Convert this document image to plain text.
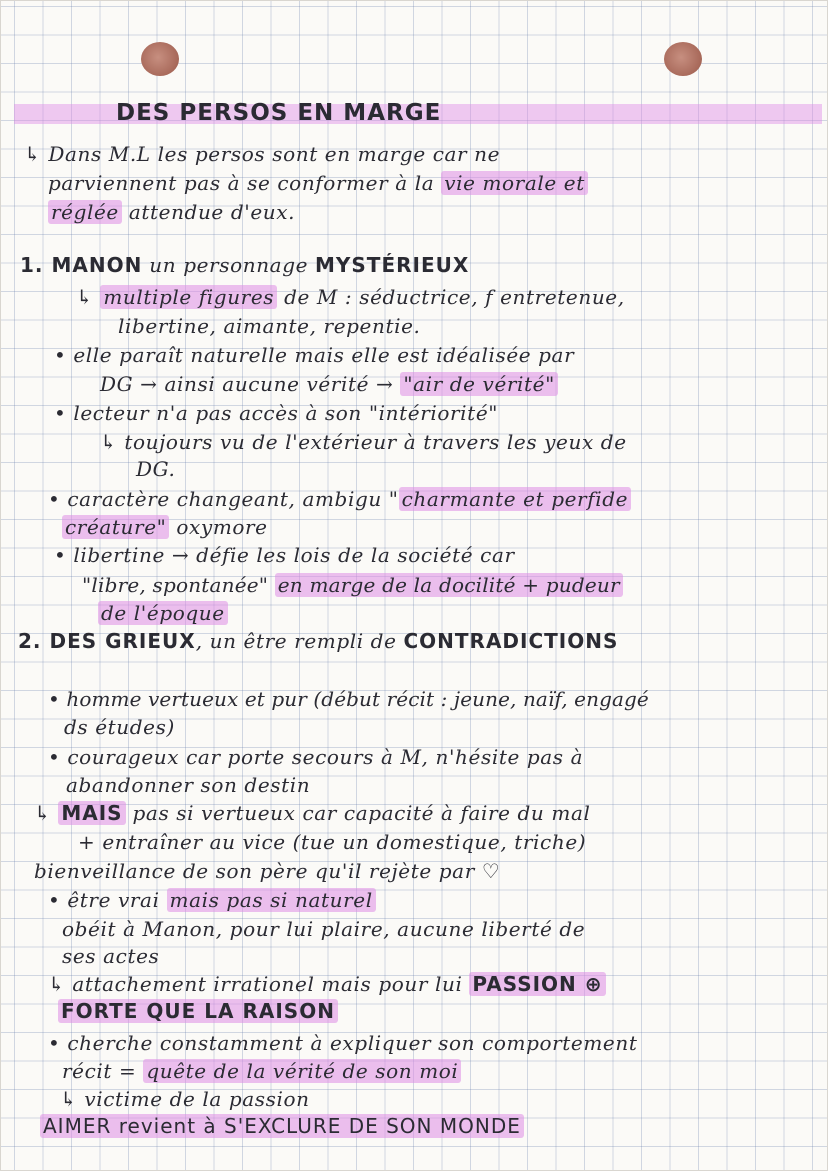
DES PERSOS EN MARGE
↳ Dans M.L les persos sont en marge car ne
parviennent pas à se conformer à la vie morale et
réglée attendue d'eux.
1. MANON un personnage MYSTÉRIEUX
↳ multiple figures de M : séductrice, f entretenue,
libertine, aimante, repentie.
• elle paraît naturelle mais elle est idéalisée par
DG → ainsi aucune vérité → "air de vérité"
• lecteur n'a pas accès à son "intériorité"
↳ toujours vu de l'extérieur à travers les yeux de
DG.
• caractère changeant, ambigu " charmante et perfide
créature" oxymore
• libertine → défie les lois de la société car
"libre, spontanée" en marge de la docilité + pudeur
de l'époque
2. DES GRIEUX, un être rempli de CONTRADICTIONS
• homme vertueux et pur (début récit : jeune, naïf, engagé
ds études)
• courageux car porte secours à M, n'hésite pas à
abandonner son destin
↳ MAIS pas si vertueux car capacité à faire du mal
+ entraîner au vice (tue un domestique, triche)
bienveillance de son père qu'il rejète par ♡
• être vrai mais pas si naturel
obéit à Manon, pour lui plaire, aucune liberté de
ses actes
↳ attachement irrationel mais pour lui PASSION ⊕
FORTE QUE LA RAISON
• cherche constamment à expliquer son comportement
récit = quête de la vérité de son moi
↳ victime de la passion
AIMER revient à S'EXCLURE DE SON MONDE
